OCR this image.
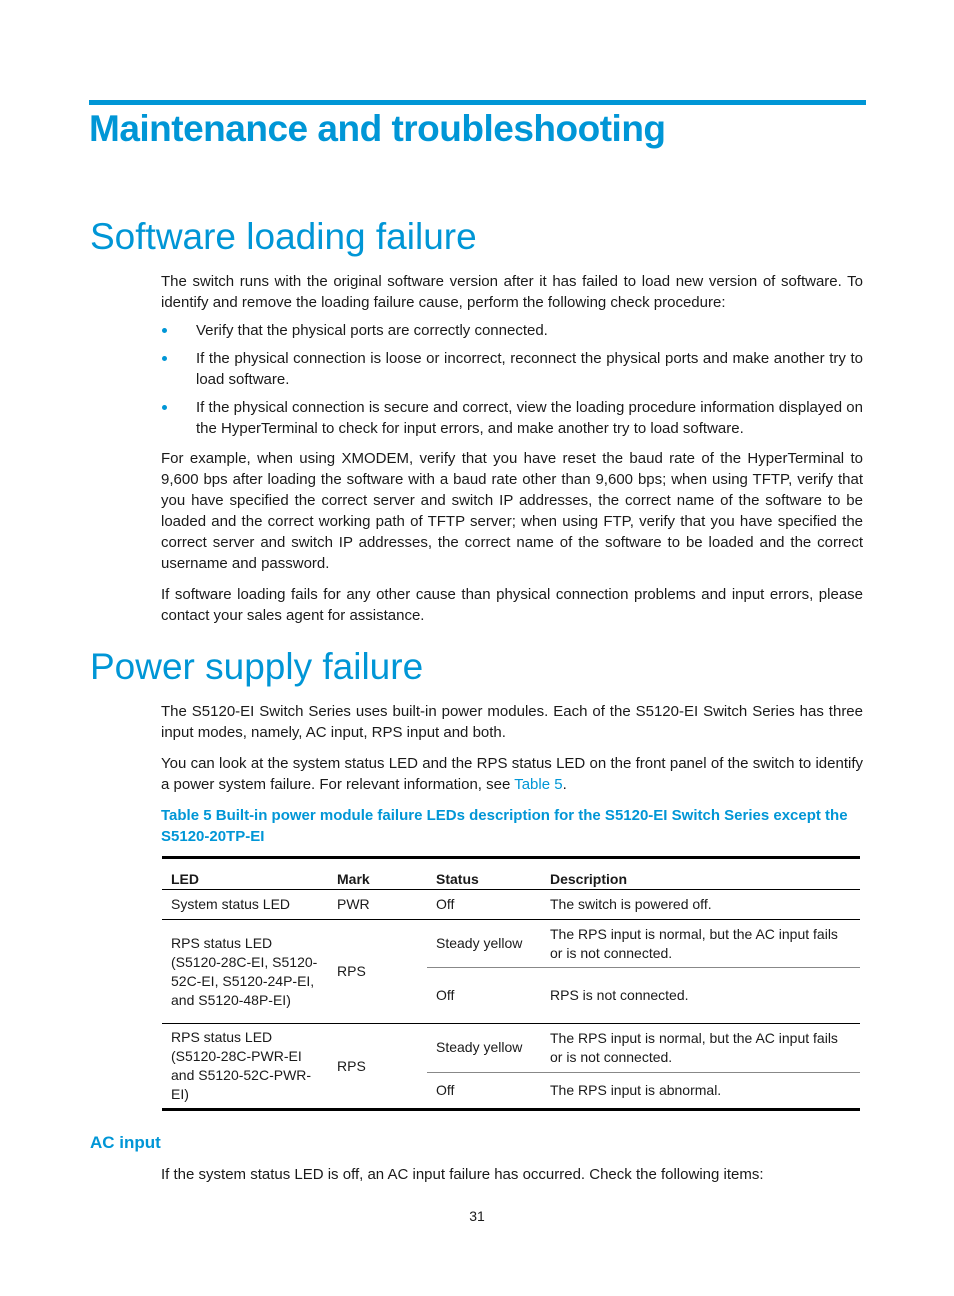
Maintenance and troubleshooting
Software loading failure

The switch runs with the original software version after it has failed to load new version of software. To identify and remove the loading failure cause, perform the following check procedure:

Verify that the physical ports are correctly connected.
If the physical connection is loose or incorrect, reconnect the physical ports and make another try to load software.
If the physical connection is secure and correct, view the loading procedure information displayed on the HyperTerminal to check for input errors, and make another try to load software.

For example, when using XMODEM, verify that you have reset the baud rate of the HyperTerminal to 9,600 bps after loading the software with a baud rate other than 9,600 bps; when using TFTP, verify that you have specified the correct server and switch IP addresses, the correct name of the software to be loaded and the correct working path of TFTP server; when using FTP, verify that you have specified the correct server and switch IP addresses, the correct name of the software to be loaded and the correct username and password.

If software loading fails for any other cause than physical connection problems and input errors, please contact your sales agent for assistance.

Power supply failure

The S5120-EI Switch Series uses built-in power modules. Each of the S5120-EI Switch Series has three input modes, namely, AC input, RPS input and both.

You can look at the system status LED and the RPS status LED on the front panel of the switch to identify a power system failure. For relevant information, see Table 5.

Table 5 Built-in power module failure LEDs description for the S5120-EI Switch Series except the S5120-20TP-EI

LED	Mark	Status	Description
System status LED	PWR	Off	The switch is powered off.
RPS status LED (S5120-28C-EI, S5120-52C-EI, S5120-24P-EI, and S5120-48P-EI)	RPS	Steady yellow	The RPS input is normal, but the AC input fails or is not connected.
		Off	RPS is not connected.
RPS status LED (S5120-28C-PWR-EI and S5120-52C-PWR-EI)	RPS	Steady yellow	The RPS input is normal, but the AC input fails or is not connected.
		Off	The RPS input is abnormal.
AC input

If the system status LED is off, an AC input failure has occurred. Check the following items:

31
